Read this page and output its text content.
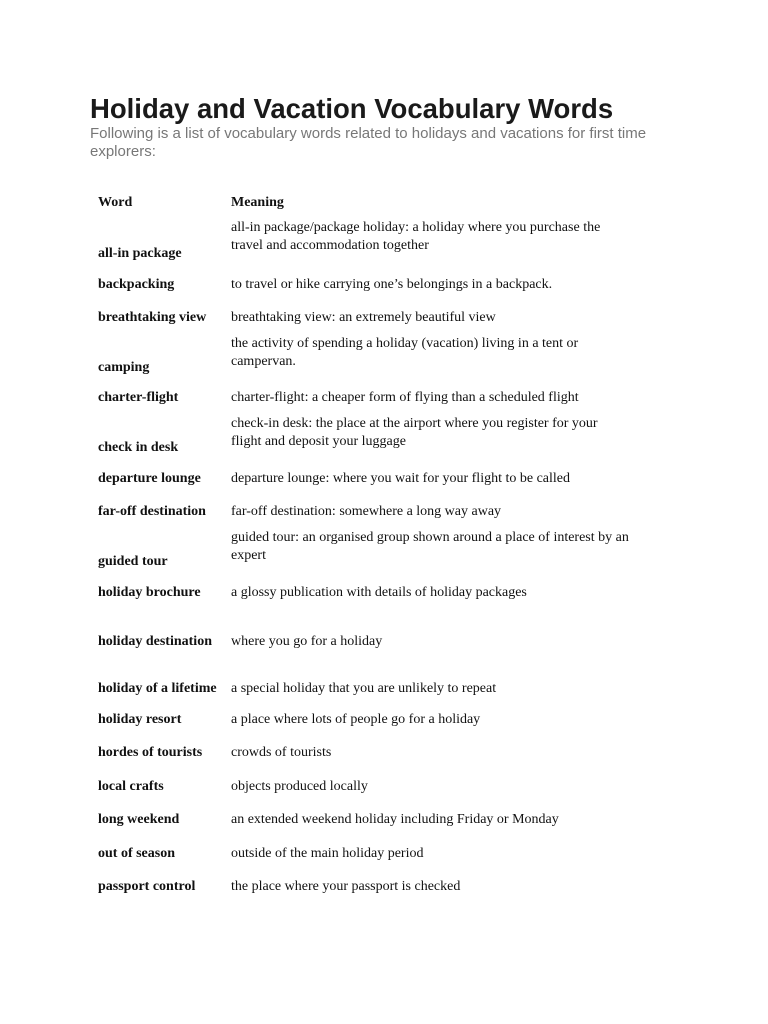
Holiday and Vacation Vocabulary Words

Following is a list of vocabulary words related to holidays and vacations for first time explorers:

Word	Meaning
all-in package	all-in package/package holiday: a holiday where you purchase the travel and accommodation together
backpacking	to travel or hike carrying one’s belongings in a backpack.
breathtaking view	breathtaking view: an extremely beautiful view
camping	the activity of spending a holiday (vacation) living in a tent or campervan.
charter-flight	charter-flight: a cheaper form of flying than a scheduled flight
check in desk	check-in desk: the place at the airport where you register for your flight and deposit your luggage
departure lounge	departure lounge: where you wait for your flight to be called
far-off destination	far-off destination: somewhere a long way away
guided tour	guided tour: an organised group shown around a place of interest by an expert
holiday brochure	a glossy publication with details of holiday packages
holiday destination	where you go for a holiday
holiday of a lifetime	a special holiday that you are unlikely to repeat
holiday resort	a place where lots of people go for a holiday
hordes of tourists	crowds of tourists
local crafts	objects produced locally
long weekend	an extended weekend holiday including Friday or Monday
out of season	outside of the main holiday period
passport control	the place where your passport is checked
